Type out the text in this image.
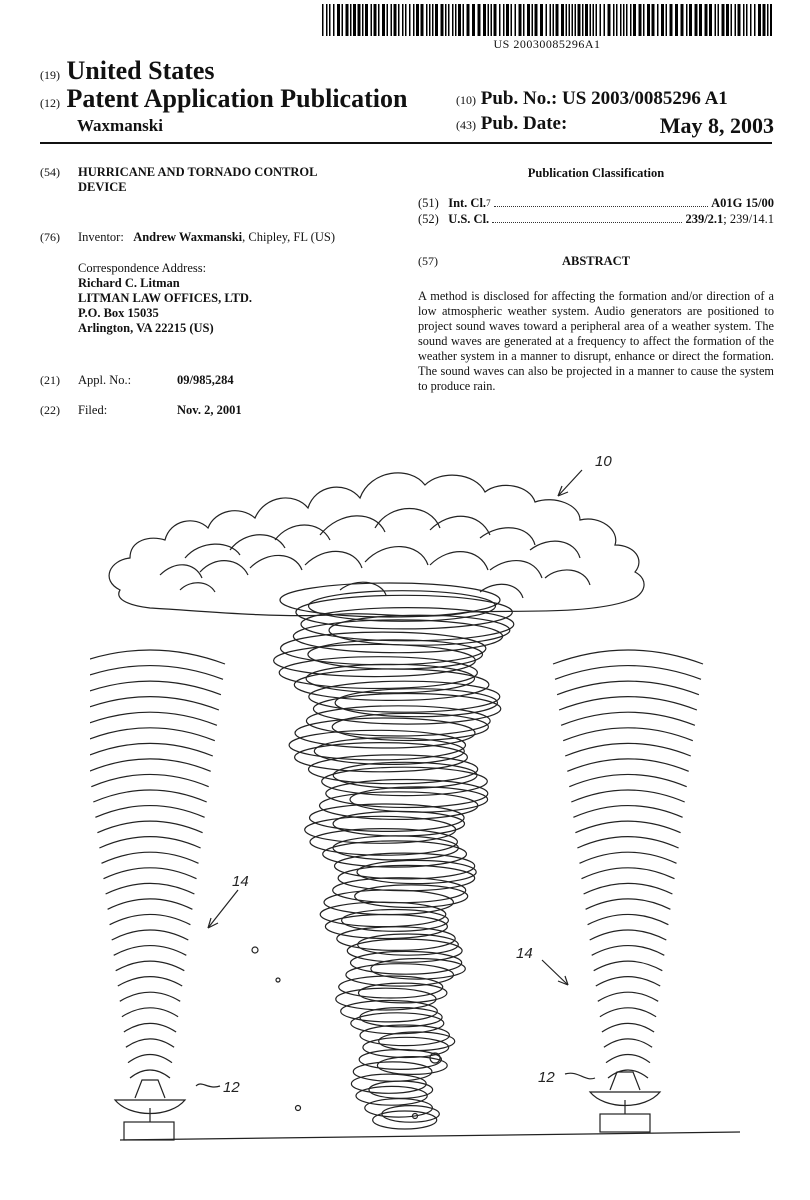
US 20030085296A1
(19) United States
(12) Patent Application Publication
Waxmanski
(10) Pub. No.: US 2003/0085296 A1
(43) Pub. Date:	May 8, 2003
(54) HURRICANE AND TORNADO CONTROL
DEVICE
(76) Inventor: Andrew Waxmanski, Chipley, FL (US)
Correspondence Address:
Richard C. Litman
LITMAN LAW OFFICES, LTD.
P.O. Box 15035
Arlington, VA 22215 (US)
(21) Appl. No.:	09/985,284
(22) Filed:	Nov. 2, 2001
Publication Classification
(51)
Int. Cl. 7	A01G 15/00
(52)
U.S. Cl.	239/2.1 ; 239/14.1
(57)	ABSTRACT
A method is disclosed for affecting the formation and/or direction of a low atmospheric weather system. Audio generators are positioned to project sound waves toward a peripheral area of a weather system. The sound waves are generated at a frequency to affect the formation of the weather system in a manner to disrupt, enhance or direct the formation. The sound waves can also be projected in a manner to cause the system to produce rain.
10
14
14
12
12
